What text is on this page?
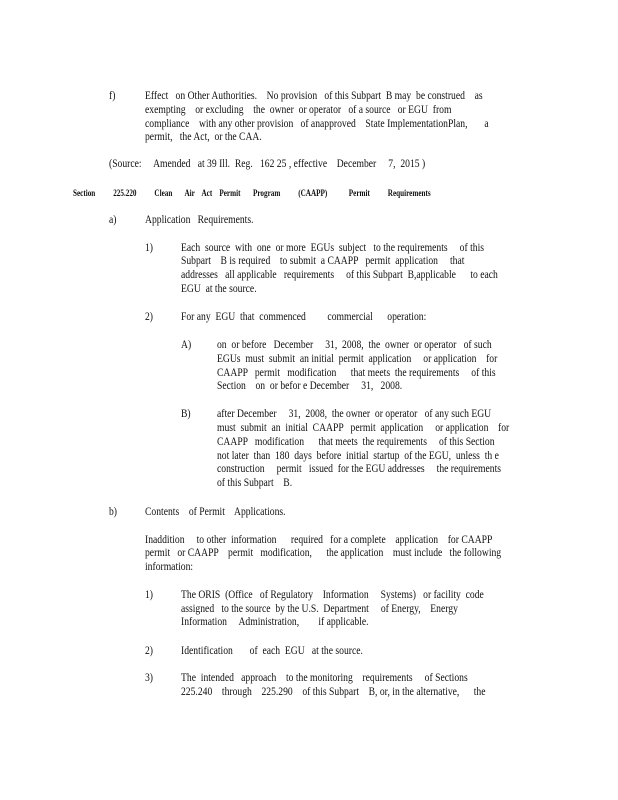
f)	Effect   on Other Authorities.    No provision   of this Subpart  B may  be construed    as
exempting    or excluding    the  owner  or operator   of a source   or EGU  from
compliance    with any other provision   of anapproved    State ImplementationPlan,       a
permit,   the Act,  or the CAA.
(Source:     Amended   at 39 Ill.  Reg.   162 25 , effective    December     7,  2015 )
Section          225.220          Clean       Air    Act    Permit       Program          (CAAPP)            Permit          Requirements
a)	Application   Requirements.
1) Each  source  with  one  or more  EGUs  subject   to the requirements     of this
Subpart    B is required    to submit  a CAAPP   permit  application     that
addresses   all applicable   requirements     of this Subpart  B,applicable      to each
EGU  at the source.
2) For any  EGU  that  commenced         commercial      operation:
A) on  or before   December     31,  2008,  the  owner  or operator   of such
EGUs  must  submit  an initial  permit  application     or application    for
CAAPP   permit   modification      that meets  the requirements     of this
Section    on  or befor e December     31,   2008.
B) after December     31,  2008,  the owner  or operator   of any such EGU
must  submit  an  initial  CAAPP   permit  application     or application    for
CAAPP   modification      that meets  the requirements     of this Section
not later  than  180  days  before  initial  startup  of the EGU,  unless  th e
construction     permit   issued  for the EGU addresses     the requirements
of this Subpart    B.
b) Contents    of Permit    Applications.
Inaddition     to other  information      required   for a complete    application    for CAAPP
permit   or CAAPP    permit   modification,      the application    must include   the following
information:
1) The ORIS  (Office   of Regulatory    Information     Systems)   or facility  code
assigned   to the source  by the U.S.  Department     of Energy,    Energy
Information     Administration,        if applicable.
2) Identification       of  each  EGU   at the source.
3) The  intended   approach    to the monitoring    requirements     of Sections
225.240    through    225.290    of this Subpart    B, or, in the alternative,      the
